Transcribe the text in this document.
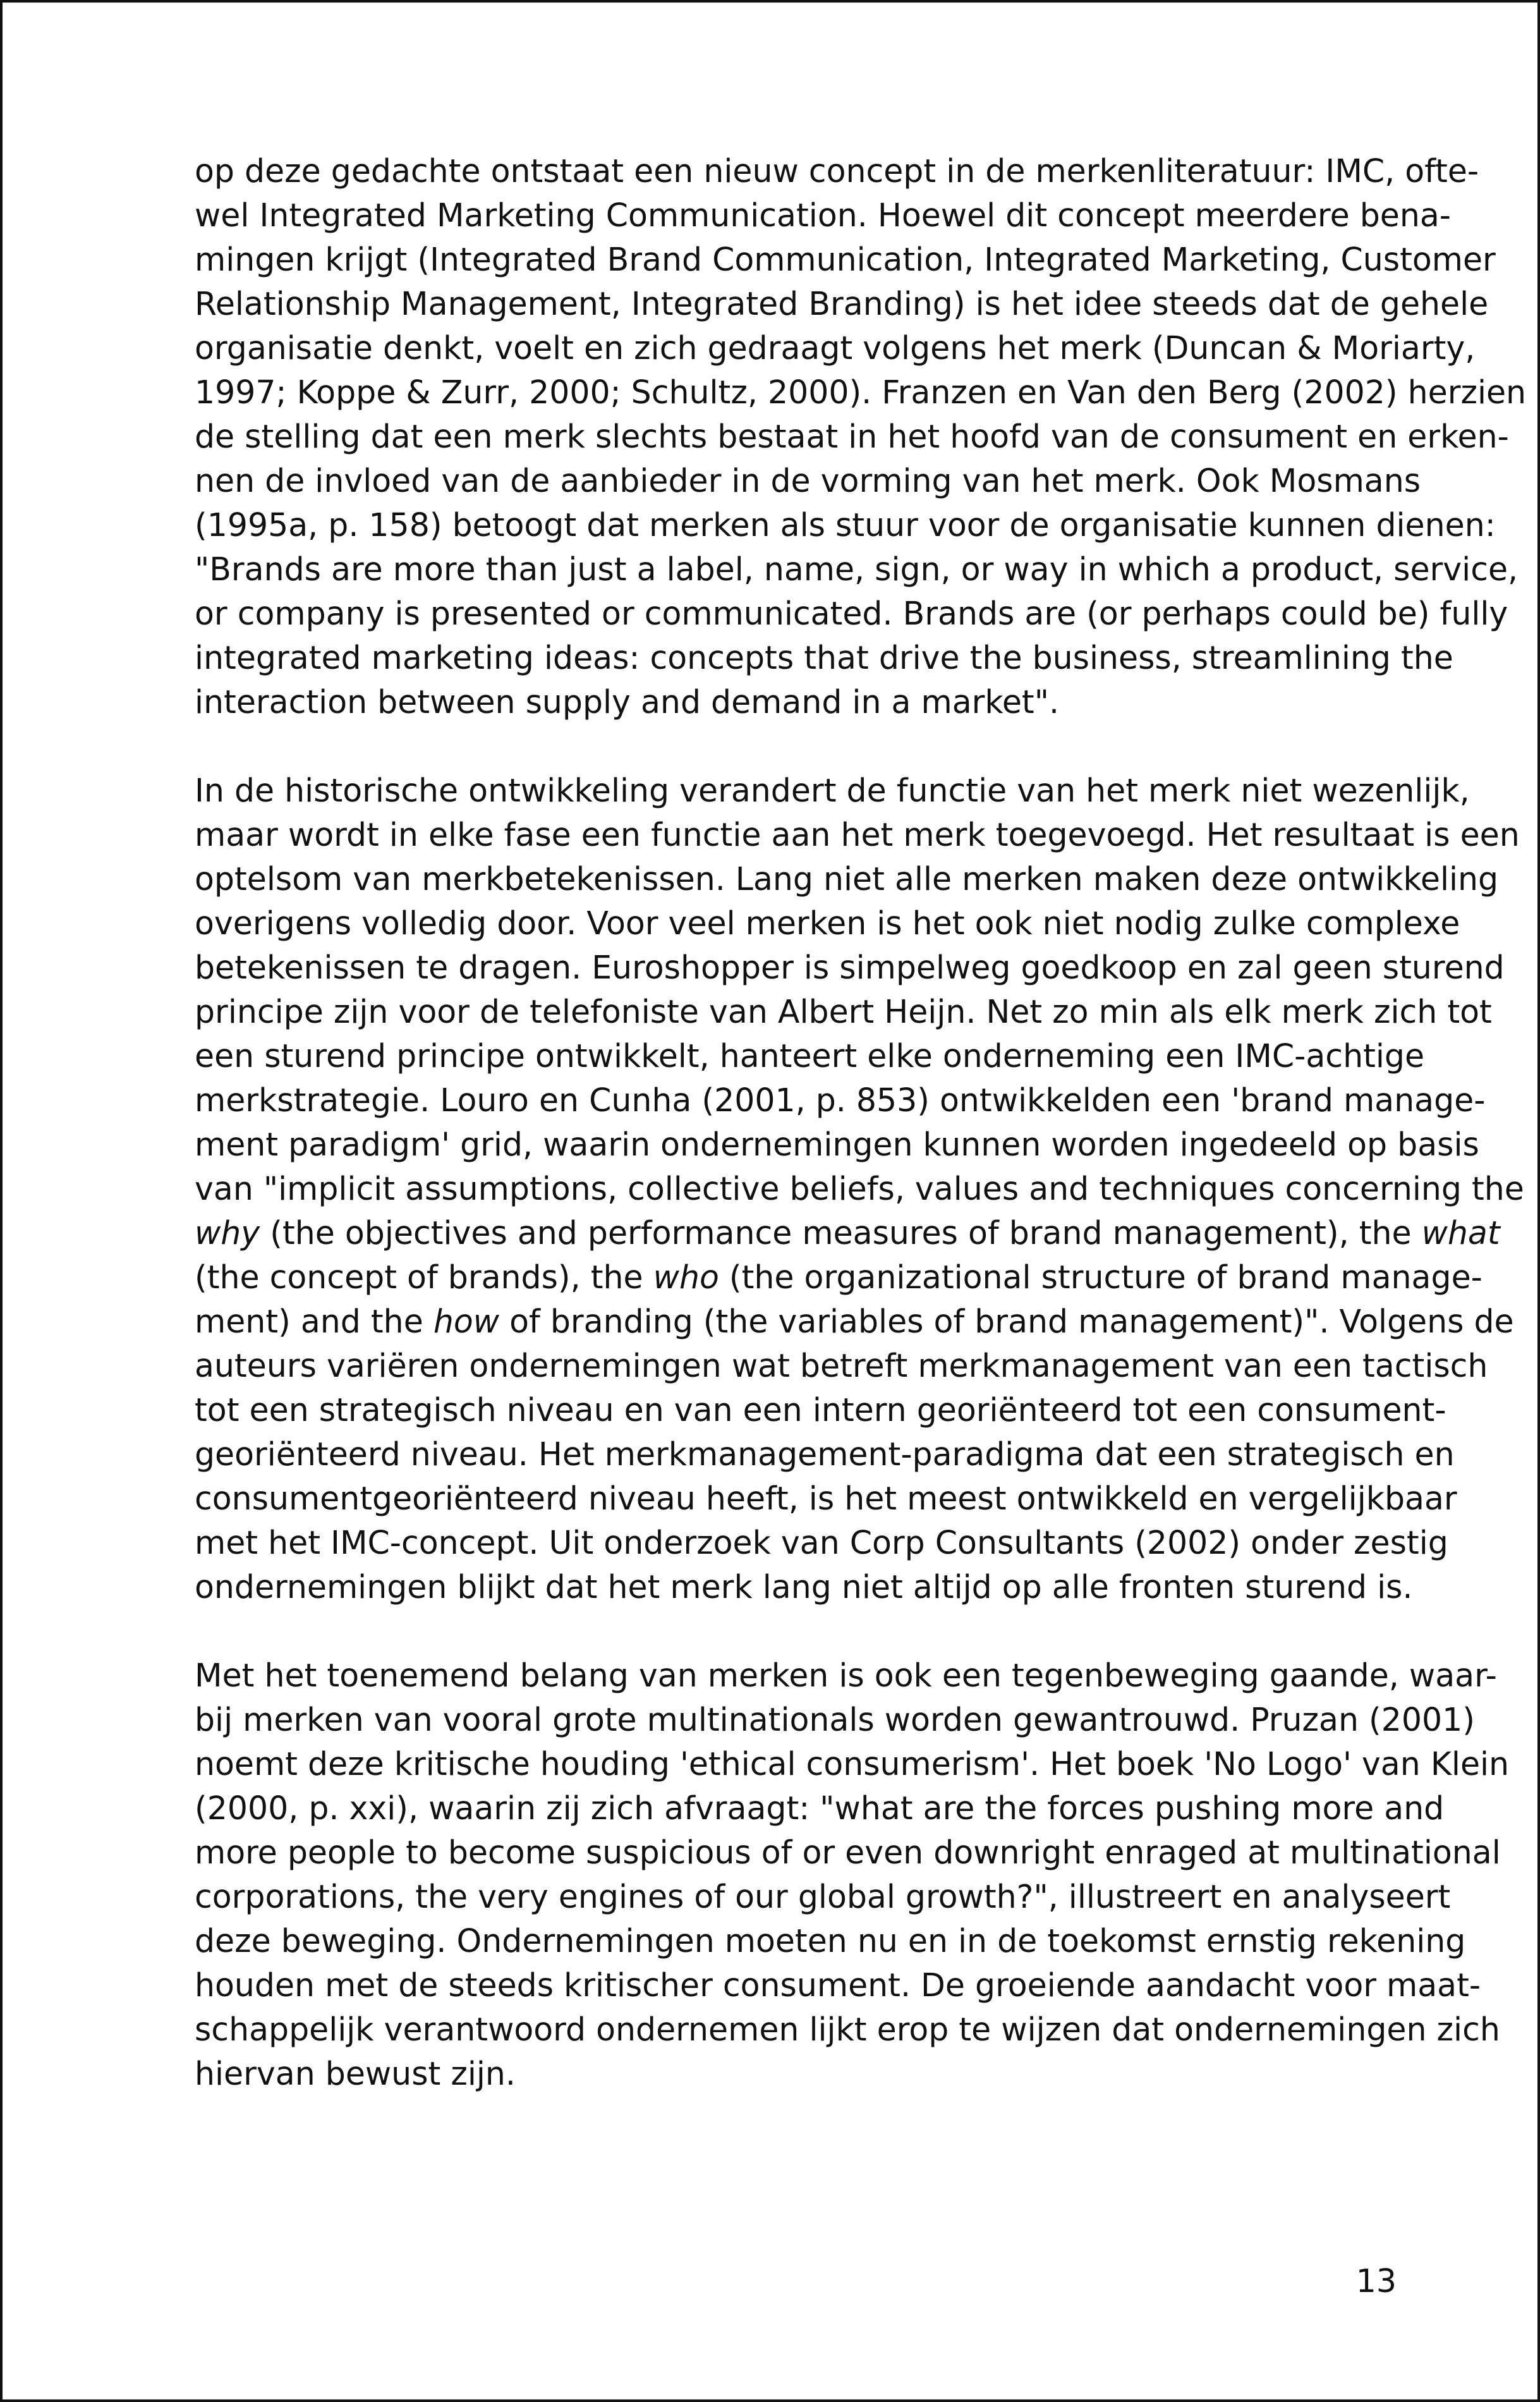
op deze gedachte ontstaat een nieuw concept in de merkenliteratuur: IMC, ofte-
wel Integrated Marketing Communication. Hoewel dit concept meerdere bena-
mingen krijgt (Integrated Brand Communication, Integrated Marketing, Customer
Relationship Management, Integrated Branding) is het idee steeds dat de gehele
organisatie denkt, voelt en zich gedraagt volgens het merk (Duncan & Moriarty,
1997; Koppe & Zurr, 2000; Schultz, 2000). Franzen en Van den Berg (2002) herzien
de stelling dat een merk slechts bestaat in het hoofd van de consument en erken-
nen de invloed van de aanbieder in de vorming van het merk. Ook Mosmans
(1995a, p. 158) betoogt dat merken als stuur voor de organisatie kunnen dienen:
"Brands are more than just a label, name, sign, or way in which a product, service,
or company is presented or communicated. Brands are (or perhaps could be) fully
integrated marketing ideas: concepts that drive the business, streamlining the
interaction between supply and demand in a market".
In de historische ontwikkeling verandert de functie van het merk niet wezenlijk,
maar wordt in elke fase een functie aan het merk toegevoegd. Het resultaat is een
optelsom van merkbetekenissen. Lang niet alle merken maken deze ontwikkeling
overigens volledig door. Voor veel merken is het ook niet nodig zulke complexe
betekenissen te dragen. Euroshopper is simpelweg goedkoop en zal geen sturend
principe zijn voor de telefoniste van Albert Heijn. Net zo min als elk merk zich tot
een sturend principe ontwikkelt, hanteert elke onderneming een IMC-achtige
merkstrategie. Louro en Cunha (2001, p. 853) ontwikkelden een 'brand manage-
ment paradigm' grid, waarin ondernemingen kunnen worden ingedeeld op basis
van "implicit assumptions, collective beliefs, values and techniques concerning the
why (the objectives and performance measures of brand management), the what
(the concept of brands), the who (the organizational structure of brand manage-
ment) and the how of branding (the variables of brand management)". Volgens de
auteurs variëren ondernemingen wat betreft merkmanagement van een tactisch
tot een strategisch niveau en van een intern georiënteerd tot een consument-
georiënteerd niveau. Het merkmanagement-paradigma dat een strategisch en
consumentgeoriënteerd niveau heeft, is het meest ontwikkeld en vergelijkbaar
met het IMC-concept. Uit onderzoek van Corp Consultants (2002) onder zestig
ondernemingen blijkt dat het merk lang niet altijd op alle fronten sturend is.
Met het toenemend belang van merken is ook een tegenbeweging gaande, waar-
bij merken van vooral grote multinationals worden gewantrouwd. Pruzan (2001)
noemt deze kritische houding 'ethical consumerism'. Het boek 'No Logo' van Klein
(2000, p. xxi), waarin zij zich afvraagt: "what are the forces pushing more and
more people to become suspicious of or even downright enraged at multinational
corporations, the very engines of our global growth?", illustreert en analyseert
deze beweging. Ondernemingen moeten nu en in de toekomst ernstig rekening
houden met de steeds kritischer consument. De groeiende aandacht voor maat-
schappelijk verantwoord ondernemen lijkt erop te wijzen dat ondernemingen zich
hiervan bewust zijn.
13
